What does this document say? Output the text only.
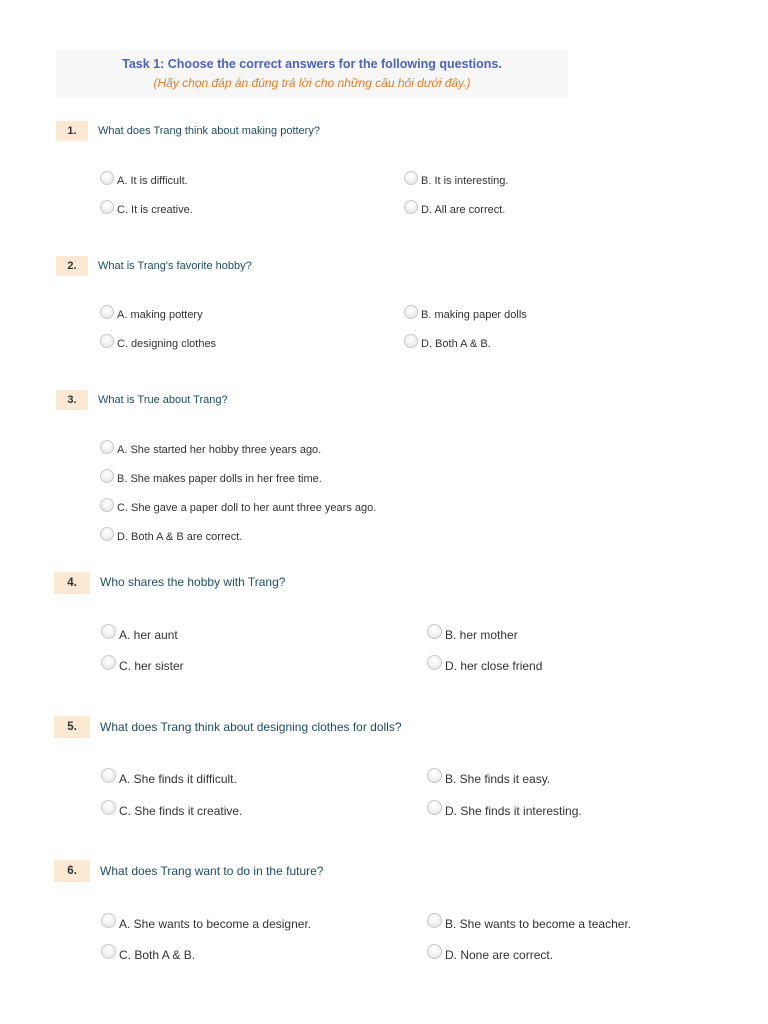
Task 1: Choose the correct answers for the following questions.
(Hãy chọn đáp án đúng trả lời cho những câu hỏi dưới đây.)
1.	What does Trang think about making pottery?
A. It is difficult.	B. It is interesting.
C. It is creative.	D. All are correct.
2.	What is Trang's favorite hobby?
A. making pottery	B. making paper dolls
C. designing clothes	D. Both A & B.
3.	What is True about Trang?
A. She started her hobby three years ago.
B. She makes paper dolls in her free time.
C. She gave a paper doll to her aunt three years ago.
D. Both A & B are correct.
4.	Who shares the hobby with Trang?
A. her aunt	B. her mother
C. her sister	D. her close friend
5.	What does Trang think about designing clothes for dolls?
A. She finds it difficult.	B. She finds it easy.
C. She finds it creative.	D. She finds it interesting.
6.	What does Trang want to do in the future?
A. She wants to become a designer.	B. She wants to become a teacher.
C. Both A & B.	D. None are correct.
